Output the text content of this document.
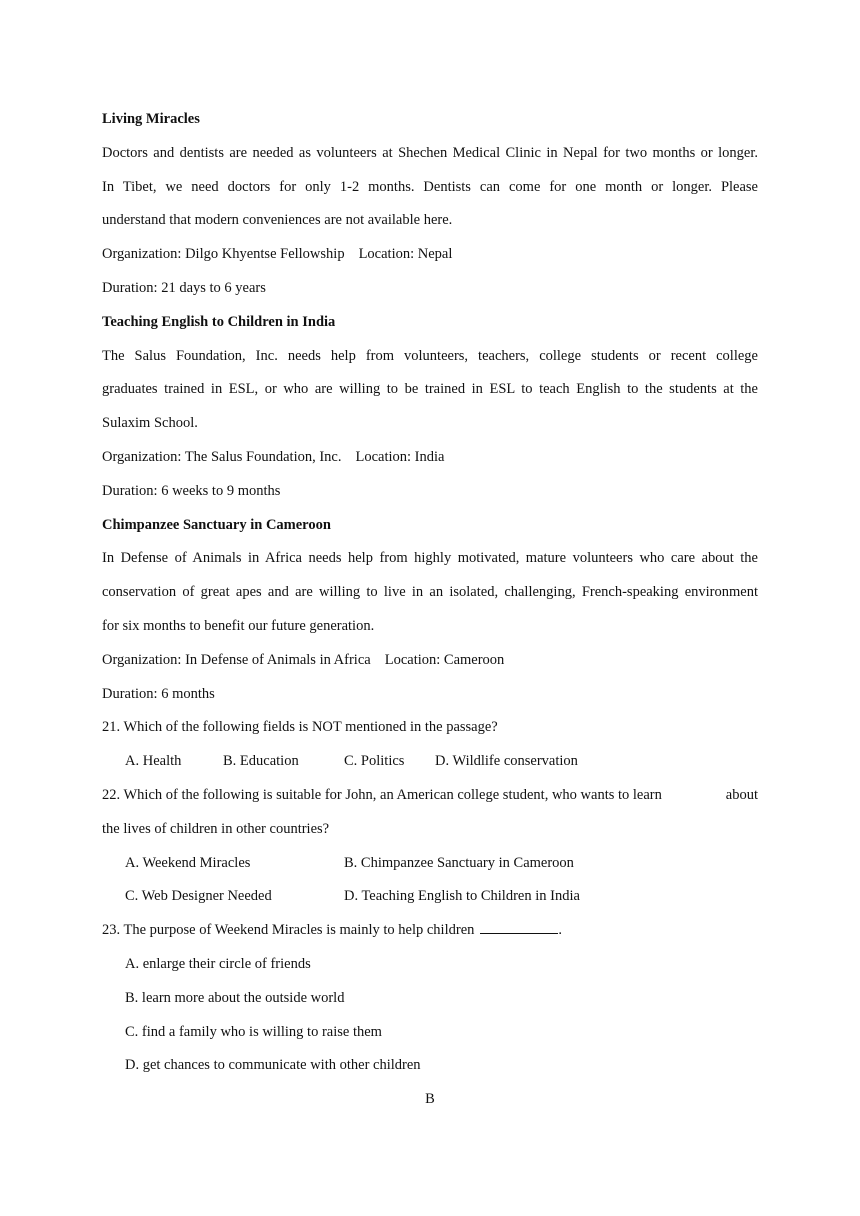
Living Miracles

Doctors and dentists are needed as volunteers at Shechen Medical Clinic in Nepal for two months or longer.

In Tibet, we need doctors for only 1-2 months. Dentists can come for one month or longer. Please

understand that modern conveniences are not available here.

Organization: Dilgo Khyentse Fellowship Location: Nepal

Duration: 21 days to 6 years

Teaching English to Children in India

The Salus Foundation, Inc. needs help from volunteers, teachers, college students or recent college

graduates trained in ESL, or who are willing to be trained in ESL to teach English to the students at the

Sulaxim School.

Organization: The Salus Foundation, Inc. Location: India

Duration: 6 weeks to 9 months

Chimpanzee Sanctuary in Cameroon

In Defense of Animals in Africa needs help from highly motivated, mature volunteers who care about the

conservation of great apes and are willing to live in an isolated, challenging, French-speaking environment

for six months to benefit our future generation.

Organization: In Defense of Animals in Africa Location: Cameroon

Duration: 6 months

21. Which of the following fields is NOT mentioned in the passage?

A. Health	B. Education	C. Politics D. Wildlife conservation

22. Which of the following is suitable for John, an American college student, who wants to learn	about

the lives of children in other countries?

A. Weekend Miracles	B. Chimpanzee Sanctuary in Cameroon

C. Web Designer Needed	D. Teaching English to Children in India

23. The purpose of Weekend Miracles is mainly to help children	.

A. enlarge their circle of friends

B. learn more about the outside world

C. find a family who is willing to raise them

D. get chances to communicate with other children

B
